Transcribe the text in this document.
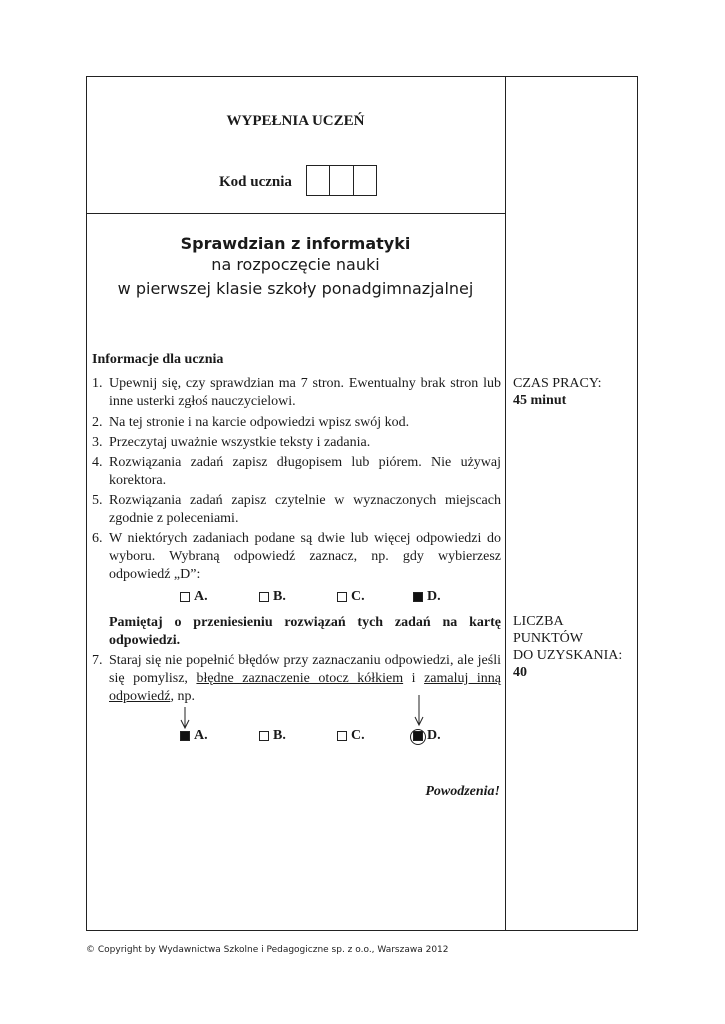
WYPEŁNIA UCZEŃ
Kod ucznia
Sprawdzian z informatyki
na rozpoczęcie nauki
w pierwszej klasie szkoły ponadgimnazjalnej
Informacje dla ucznia
1. Upewnij się, czy sprawdzian ma 7 stron. Ewentualny brak stron lub inne usterki zgłoś nauczycielowi.
2. Na tej stronie i na karcie odpowiedzi wpisz swój kod.
3. Przeczytaj uważnie wszystkie teksty i zadania.
4. Rozwiązania zadań zapisz długopisem lub piórem. Nie używaj korektora.
5. Rozwiązania zadań zapisz czytelnie w wyznaczonych miejscach zgodnie z poleceniami.
6. W niektórych zadaniach podane są dwie lub więcej odpowiedzi do wyboru. Wybraną odpowiedź zaznacz, np. gdy wybierzesz odpowiedź „D”:
A.	B.	C.	D.
Pamiętaj o przeniesieniu rozwiązań tych zadań na kartę odpowiedzi.
7. Staraj się nie popełnić błędów przy zaznaczaniu odpowiedzi, ale jeśli się pomylisz, błędne zaznaczenie otocz kółkiem i zamaluj inną odpowiedź, np.
A.	B.	C.	D.
Powodzenia!
CZAS PRACY:
45 minut
LICZBA
PUNKTÓW
DO UZYSKANIA:
40
© Copyright by Wydawnictwa Szkolne i Pedagogiczne sp. z o.o., Warszawa 2012
